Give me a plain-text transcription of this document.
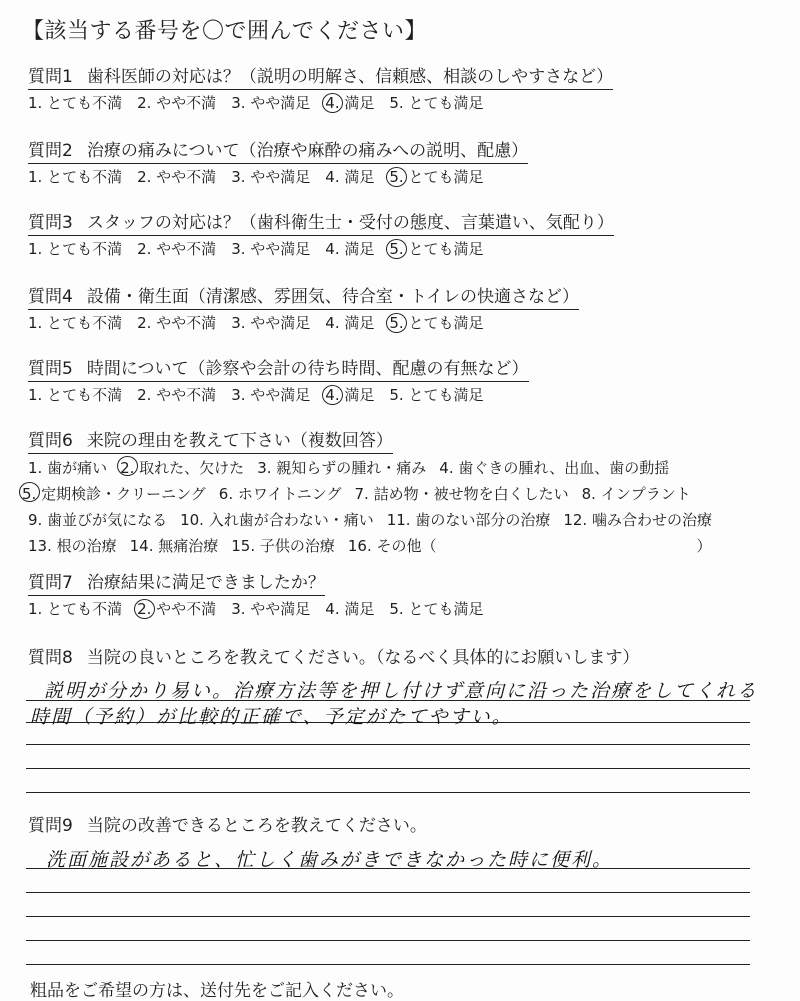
【該当する番号を〇で囲んでください】
質問1 歯科医師の対応は？（説明の明解さ、信頼感、相談のしやすさなど）
1. とても不満 2. やや不満 3. やや満足 4. 満足 5. とても満足
質問2 治療の痛みについて（治療や麻酔の痛みへの説明、配慮）
1. とても不満 2. やや不満 3. やや満足 4. 満足 5. とても満足
質問3 スタッフの対応は？（歯科衛生士・受付の態度、言葉遣い、気配り）
1. とても不満 2. やや不満 3. やや満足 4. 満足 5. とても満足
質問4 設備・衛生面（清潔感、雰囲気、待合室・トイレの快適さなど）
1. とても不満 2. やや不満 3. やや満足 4. 満足 5. とても満足
質問5 時間について（診察や会計の待ち時間、配慮の有無など）
1. とても不満 2. やや不満 3. やや満足 4. 満足 5. とても満足
質問6 来院の理由を教えて下さい（複数回答）
1. 歯が痛い 2. 取れた、欠けた 3. 親知らずの腫れ・痛み 4. 歯ぐきの腫れ、出血、歯の動揺
5. 定期検診・クリーニング 6. ホワイトニング 7. 詰め物・被せ物を白くしたい 8. インプラント
9. 歯並びが気になる 10. 入れ歯が合わない・痛い 11. 歯のない部分の治療 12. 噛み合わせの治療
13. 根の治療 14. 無痛治療 15. 子供の治療 16. その他（	）
質問7 治療結果に満足できましたか？
1. とても不満 2. やや不満 3. やや満足 4. 満足 5. とても満足
質問8 当院の良いところを教えてください。（なるべく具体的にお願いします）
説明が分かり易い。治療方法等を押し付けず意向に沿った治療をしてくれる
時間（予約）が比較的正確で、予定がたてやすい。
質問9 当院の改善できるところを教えてください。
洗面施設があると、忙しく歯みがきできなかった時に便利。
粗品をご希望の方は、送付先をご記入ください。
